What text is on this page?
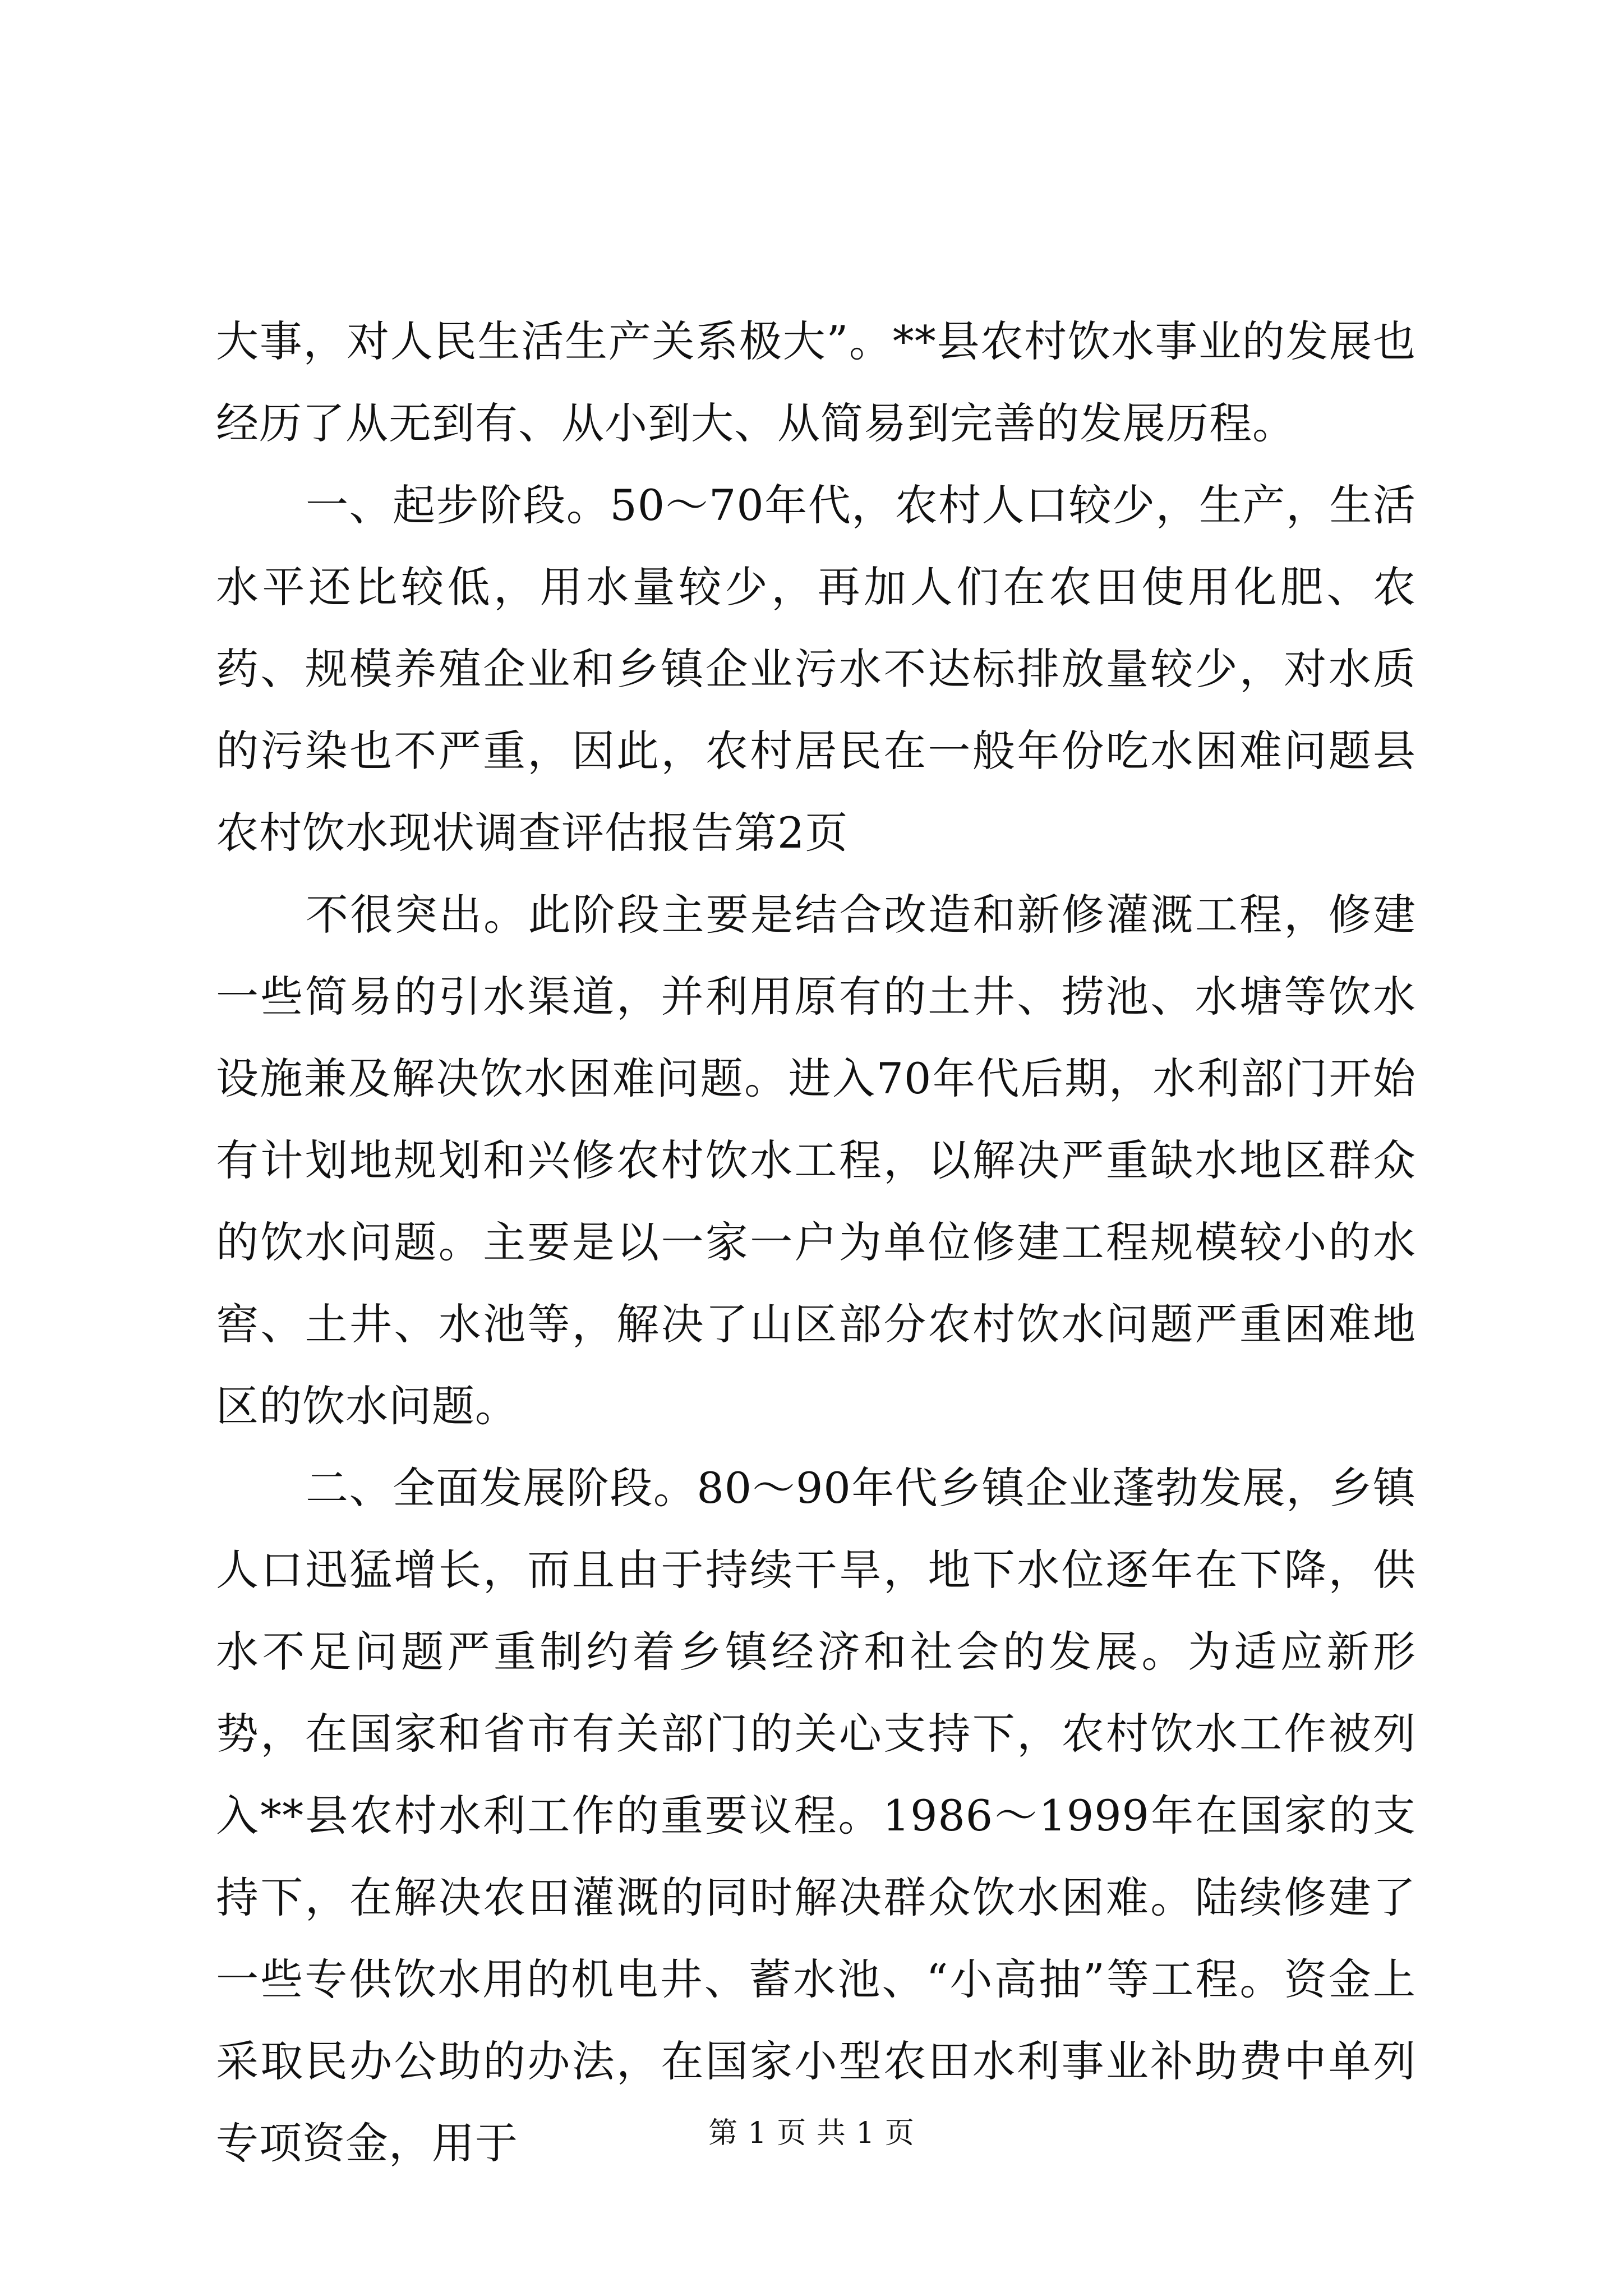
大事，对人民生活生产关系极大”。**县农村饮水事业的发展也经历了从无到有、从小到大、从简易到完善的发展历程。

一、起步阶段。50～70年代，农村人口较少，生产，生活水平还比较低，用水量较少，再加人们在农田使用化肥、农药、规模养殖企业和乡镇企业污水不达标排放量较少，对水质的污染也不严重，因此，农村居民在一般年份吃水困难问题县农村饮水现状调查评估报告第2页

不很突出。此阶段主要是结合改造和新修灌溉工程，修建一些简易的引水渠道，并利用原有的土井、捞池、水塘等饮水设施兼及解决饮水困难问题。进入70年代后期，水利部门开始有计划地规划和兴修农村饮水工程，以解决严重缺水地区群众的饮水问题。主要是以一家一户为单位修建工程规模较小的水窖、土井、水池等，解决了山区部分农村饮水问题严重困难地区的饮水问题。

二、全面发展阶段。80～90年代乡镇企业蓬勃发展，乡镇人口迅猛增长，而且由于持续干旱，地下水位逐年在下降，供水不足问题严重制约着乡镇经济和社会的发展。为适应新形势，在国家和省市有关部门的关心支持下，农村饮水工作被列入**县农村水利工作的重要议程。1986～1999年在国家的支持下，在解决农田灌溉的同时解决群众饮水困难。陆续修建了一些专供饮水用的机电井、蓄水池、“小高抽”等工程。资金上采取民办公助的办法，在国家小型农田水利事业补助费中单列专项资金，用于	第 1 页 共 1 页
